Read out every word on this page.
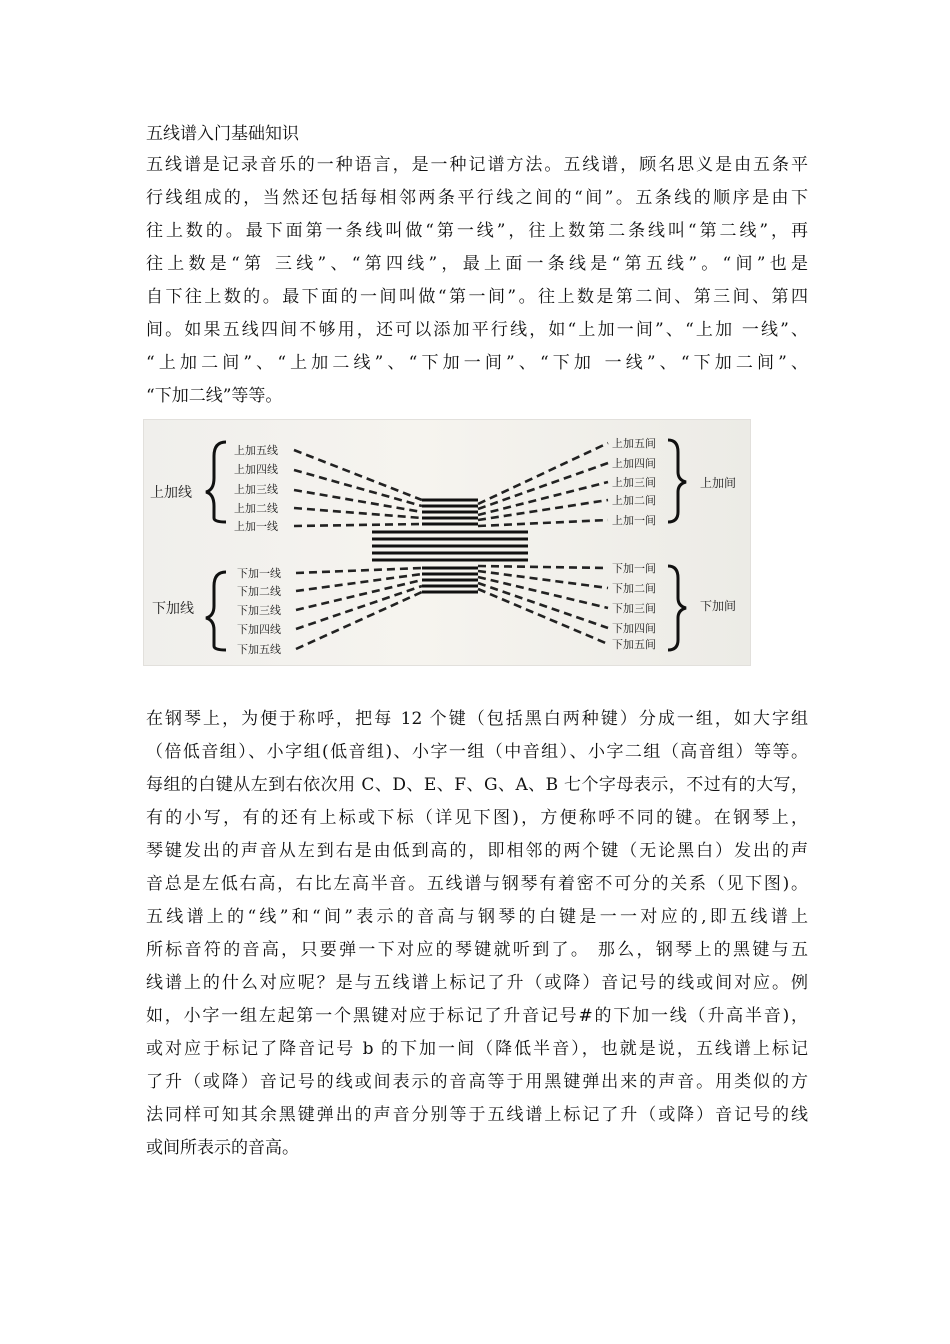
五线谱入门基础知识
五线谱是记录音乐的一种语言，是一种记谱方法。五线谱，顾名思义是由五条平
行线组成的，当然还包括每相邻两条平行线之间的“间”。五条线的顺序是由下
往上数的。最下面第一条线叫做“第一线”，往上数第二条线叫“第二线”，再
往上数是“第 三线”、“第四线”，最上面一条线是“第五线”。“间”也是
自下往上数的。最下面的一间叫做“第一间”。往上数是第二间、第三间、第四
间。如果五线四间不够用，还可以添加平行线，如“上加一间”、“上加 一线”、
“上加二间”、“上加二线”、“下加一间”、“下加 一线”、“下加二间”、
“下加二线”等等。
上加线
下加线
上加间
下加间
上加五线
上加四线
上加三线
上加二线
上加一线
上加五间
上加四间
上加三间
上加二间
上加一间
下加一线
下加二线
下加三线
下加四线
下加五线
下加一间
下加二间
下加三间
下加四间
下加五间
在钢琴上，为便于称呼，把每 12 个键（包括黑白两种键）分成一组，如大字组
（倍低音组）、小字组(低音组)、小字一组（中音组）、小字二组（高音组）等等。
每组的白键从左到右依次用 C、D、E、F、G、A、B 七个字母表示，不过有的大写，
有的小写，有的还有上标或下标（详见下图)，方便称呼不同的键。在钢琴上，
琴键发出的声音从左到右是由低到高的，即相邻的两个键（无论黑白）发出的声
音总是左低右高，右比左高半音。五线谱与钢琴有着密不可分的关系（见下图)。
五线谱上的“线”和“间”表示的音高与钢琴的白键是一一对应的,即五线谱上
所标音符的音高，只要弹一下对应的琴键就听到了。 那么，钢琴上的黑键与五
线谱上的什么对应呢？是与五线谱上标记了升（或降）音记号的线或间对应。例
如，小字一组左起第一个黑键对应于标记了升音记号#的下加一线（升高半音)，
或对应于标记了降音记号 b 的下加一间（降低半音），也就是说，五线谱上标记
了升（或降）音记号的线或间表示的音高等于用黑键弹出来的声音。用类似的方
法同样可知其余黑键弹出的声音分别等于五线谱上标记了升（或降）音记号的线
或间所表示的音高。
